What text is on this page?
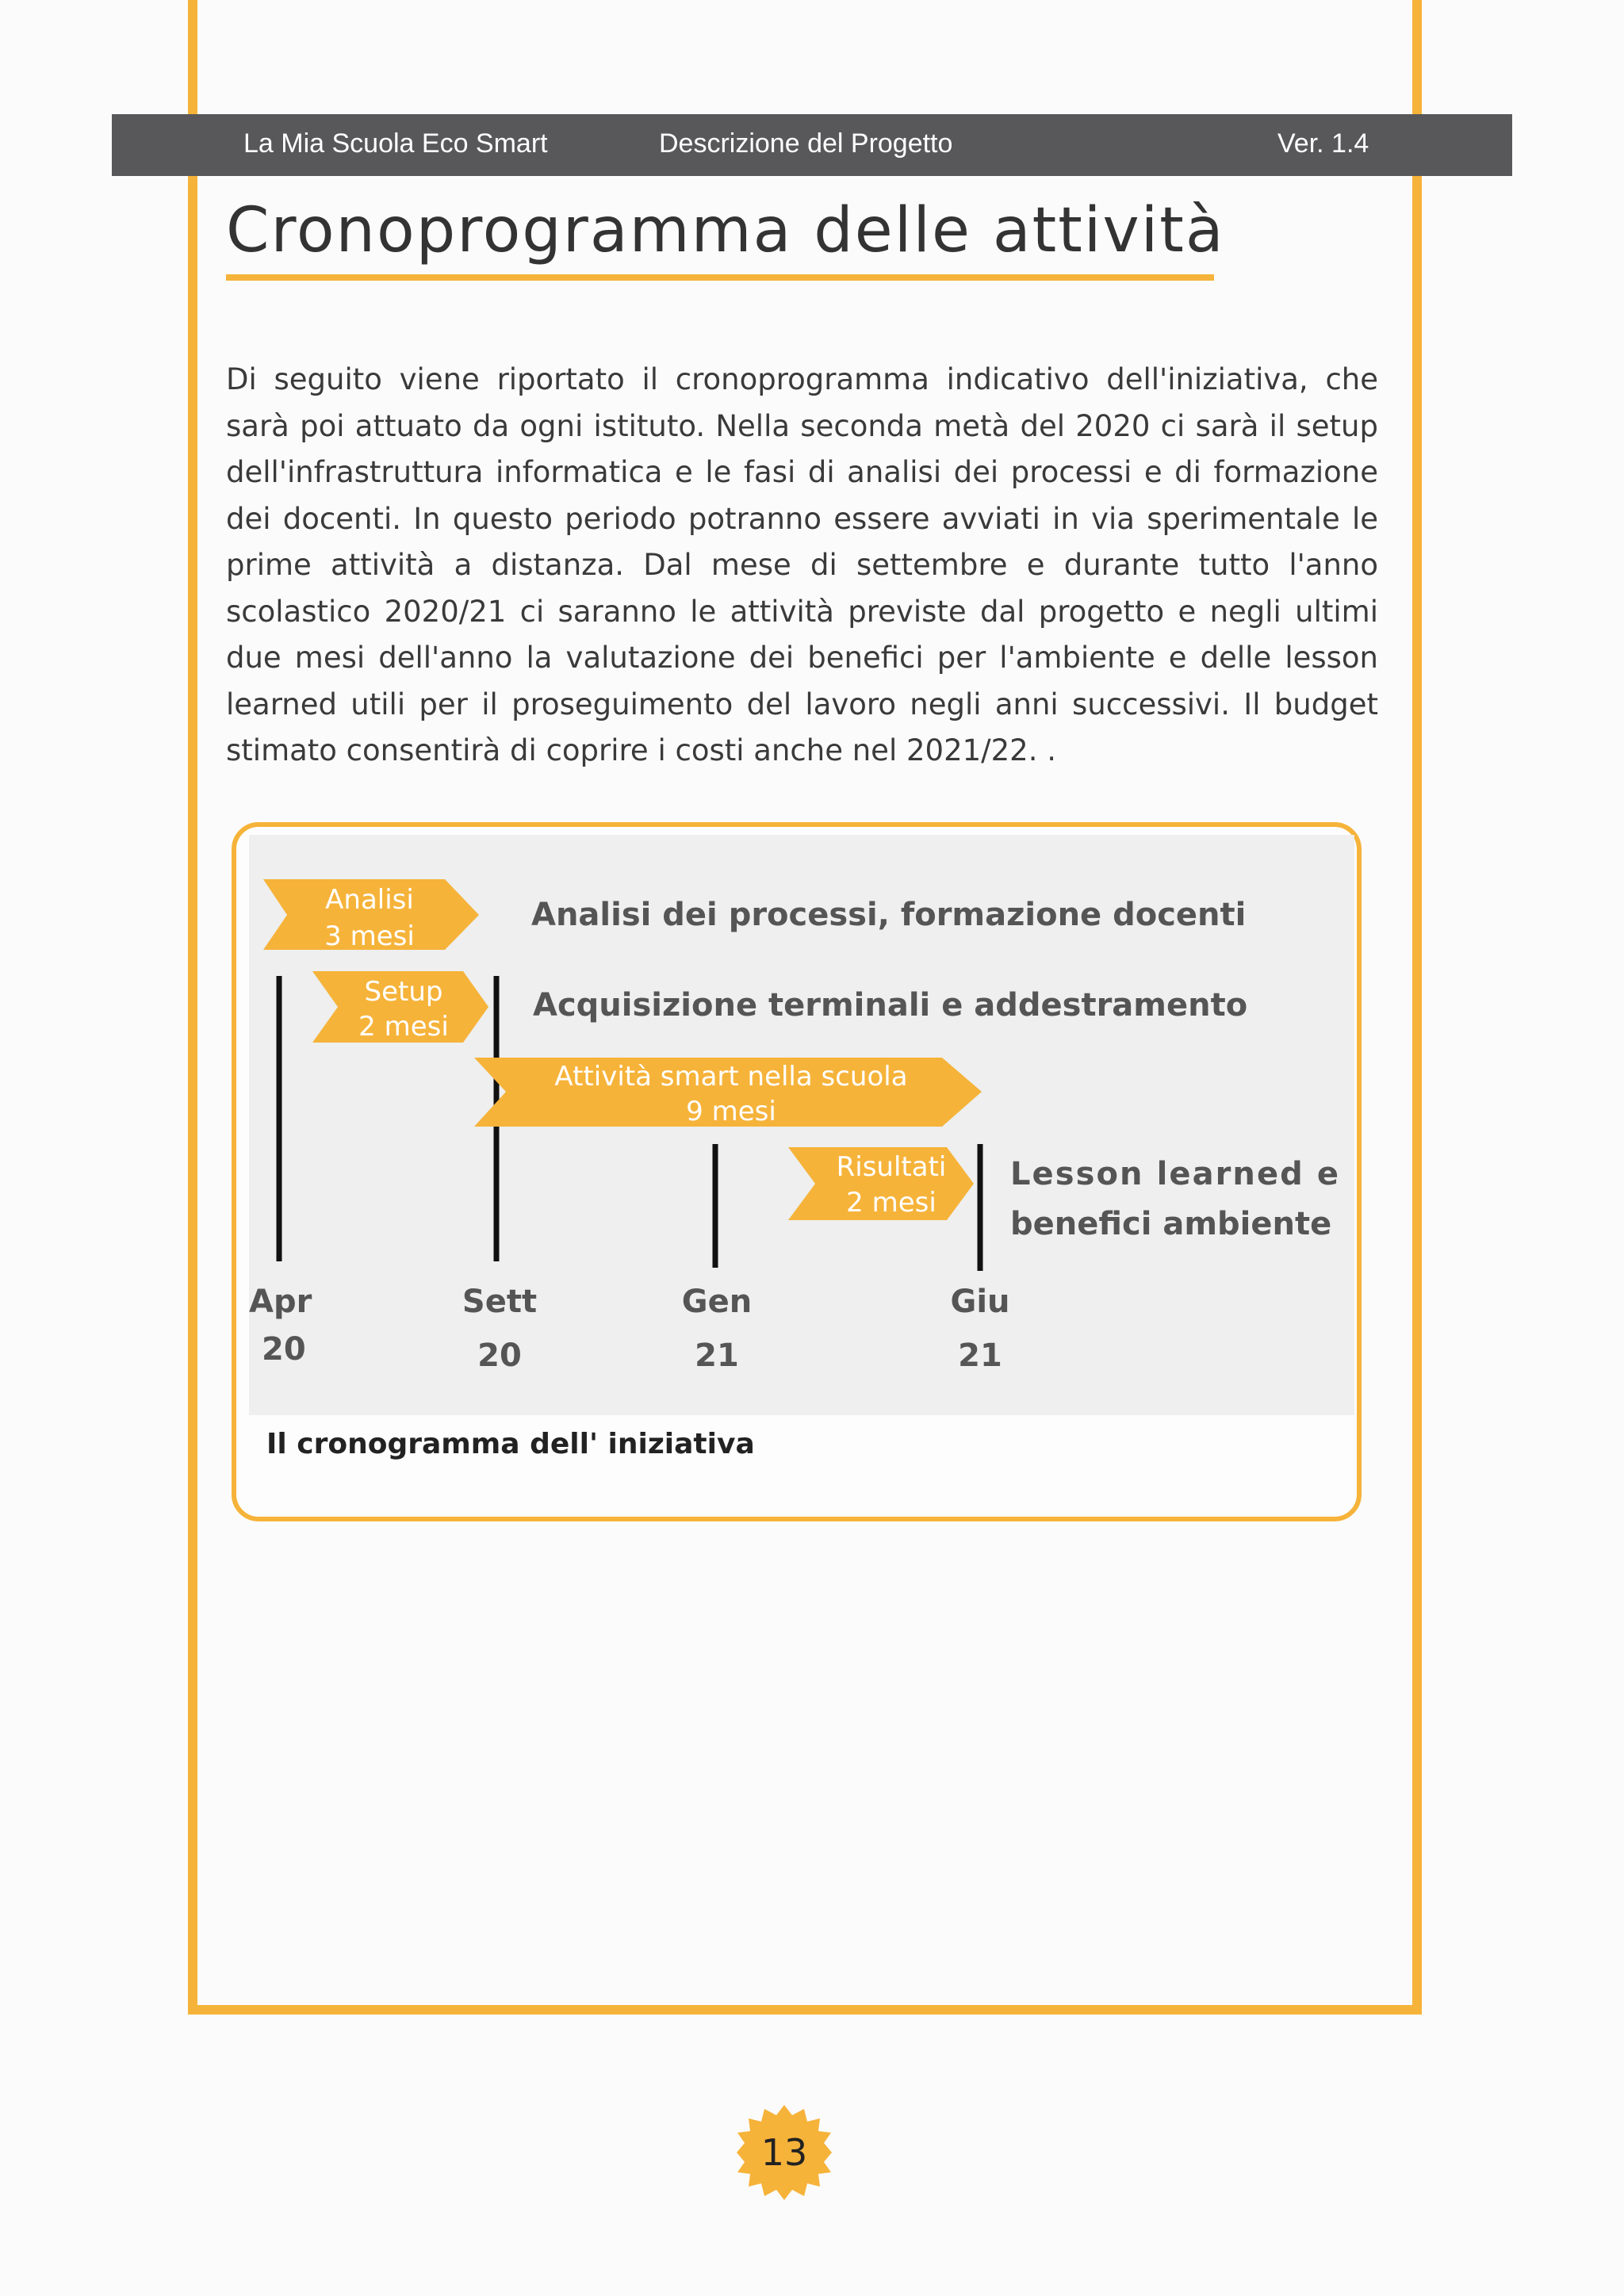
La Mia Scuola Eco Smart	Descrizione del Progetto	Ver. 1.4
Cronoprogramma delle attività

Di seguito viene riportato il cronoprogramma indicativo dell'iniziativa, che sarà poi attuato da ogni istituto. Nella seconda metà del 2020 ci sarà il setup dell'infrastruttura informatica e le fasi di analisi dei processi e di formazione dei docenti. In questo periodo potranno essere avviati in via sperimentale le prime attività a distanza. Dal mese di settembre e durante tutto l'anno scolastico 2020/21 ci saranno le attività previste dal progetto e negli ultimi due mesi dell'anno la valutazione dei benefici per l'ambiente e delle lesson learned utili per il proseguimento del lavoro negli anni successivi. Il budget stimato consentirà di coprire i costi anche nel 2021/22. .

Analisi
3 mesi
Setup
2 mesi
Attività smart nella scuola
9 mesi
Risultati
2 mesi
Analisi dei processi, formazione docenti
Acquisizione terminali e addestramento
Lesson learned e
benefici ambiente
Apr
20
Sett
20
Gen
21
Giu
21
Il cronogramma dell' iniziativa
13
